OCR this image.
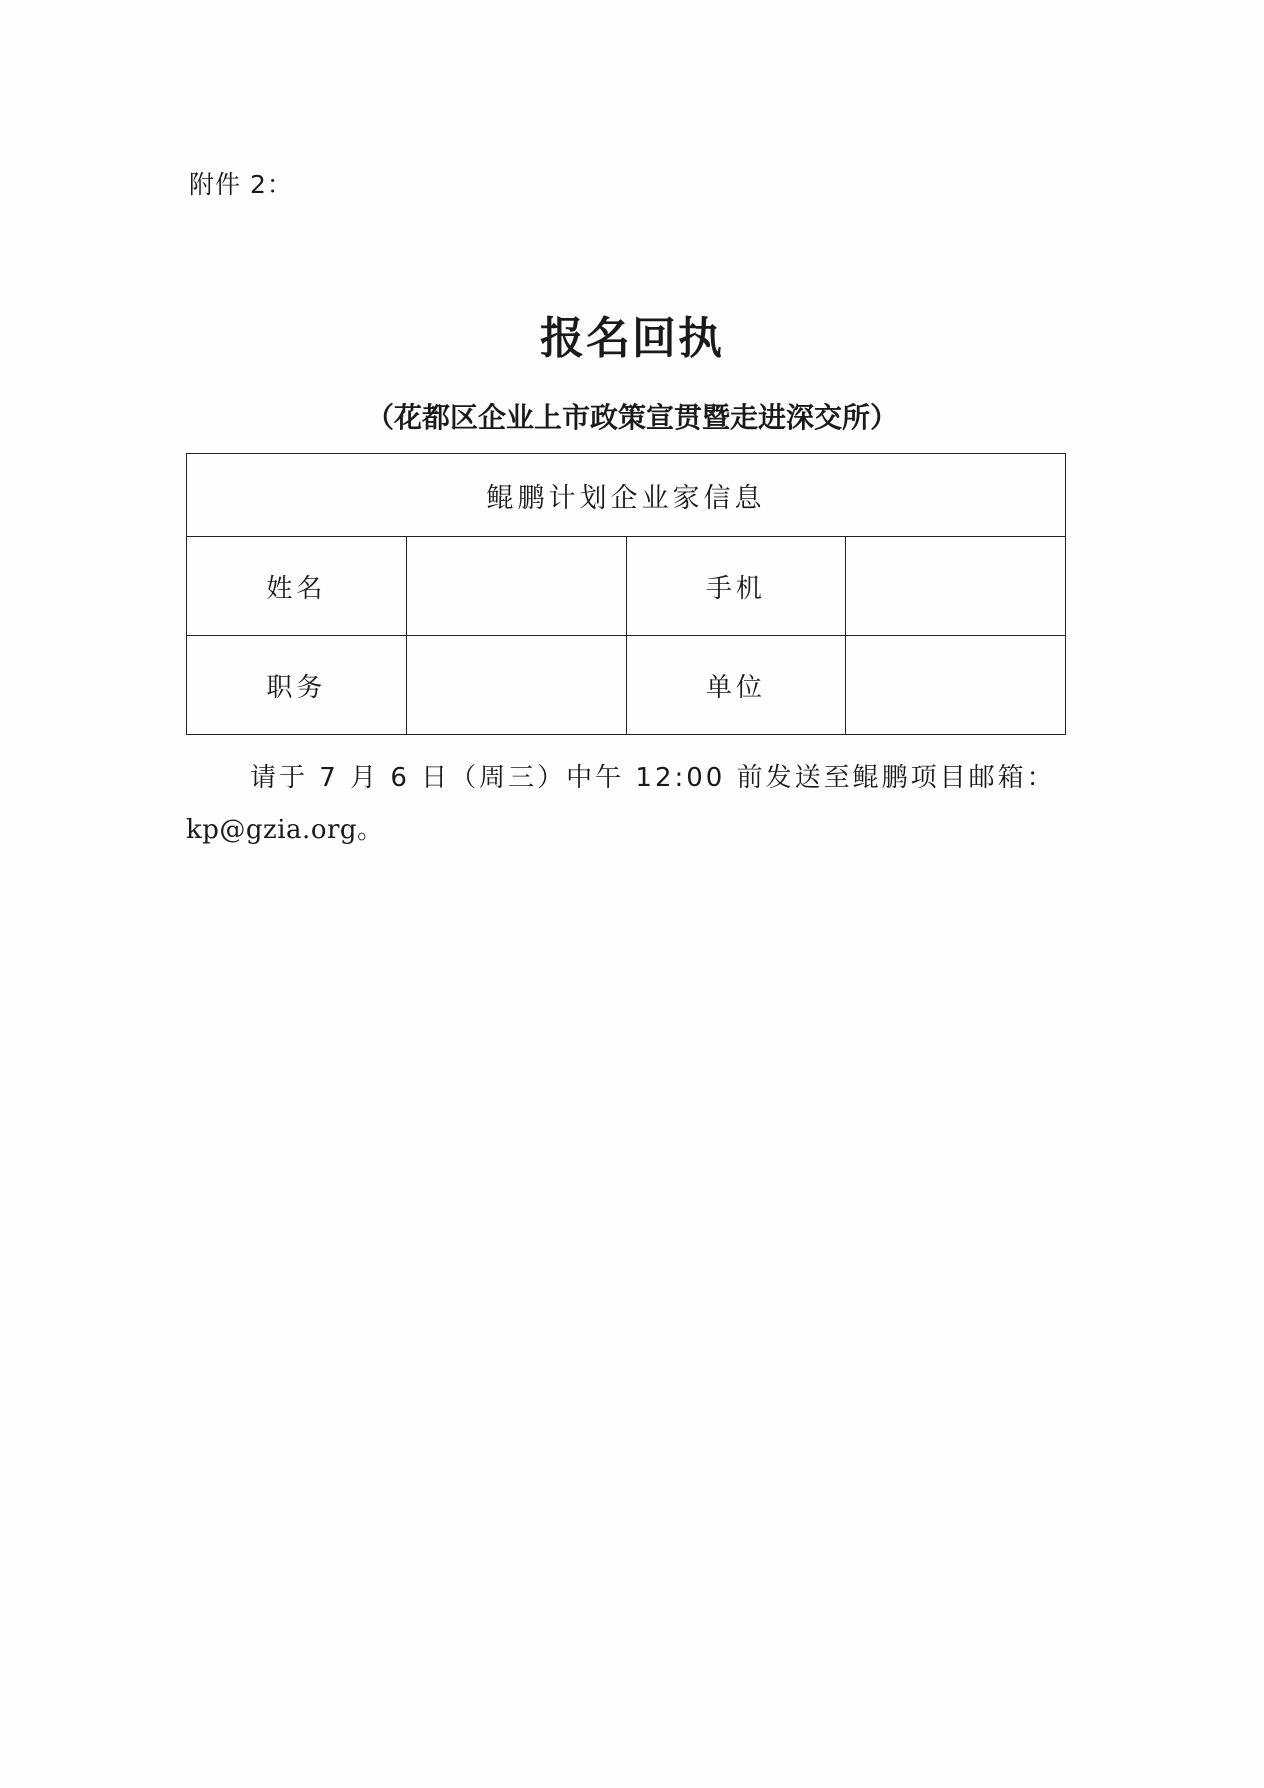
附件 2：
报名回执
（花都区企业上市政策宣贯暨走进深交所）
鲲鹏计划企业家信息			
姓名		手机	
职务		单位	
请于 7 月 6 日（周三）中午 12:00 前发送至鲲鹏项目邮箱：
kp@gzia.org。
